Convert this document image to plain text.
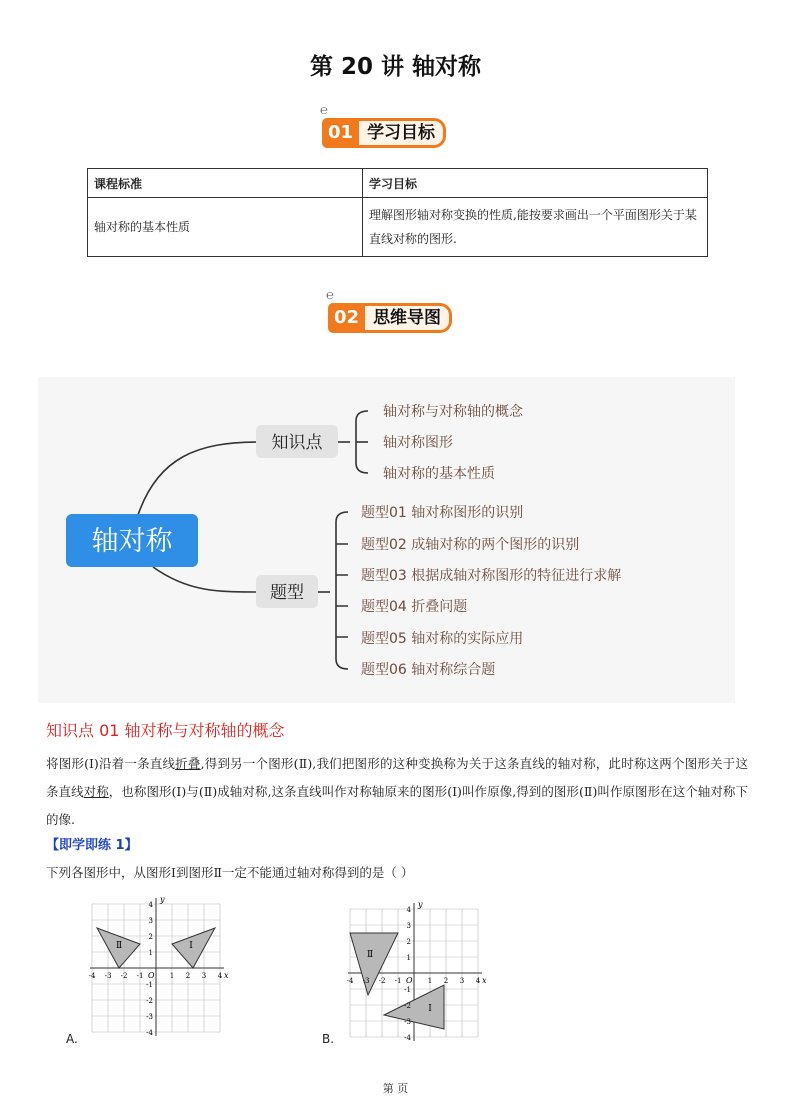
第 20 讲 轴对称
℮
01 学习目标
课程标准	学习目标
轴对称的基本性质	理解图形轴对称变换的性质,能按要求画出一个平面图形关于某直线对称的图形.
℮
02 思维导图
轴对称
知识点
轴对称与对称轴的概念
轴对称图形
轴对称的基本性质
题型
题型01 轴对称图形的识别
题型02 成轴对称的两个图形的识别
题型03 根据成轴对称图形的特征进行求解
题型04 折叠问题
题型05 轴对称的实际应用
题型06 轴对称综合题
知识点 01 轴对称与对称轴的概念
将图形(I)沿着一条直线折叠,得到另一个图形(Ⅱ),我们把图形的这种变换称为关于这条直线的轴对称，此时称这两个图形关于这条直线对称，也称图形(I)与(Ⅱ)成轴对称,这条直线叫作对称轴原来的图形(I)叫作原像,得到的图形(Ⅱ)叫作原图形在这个轴对称下的像.
【即学即练 1】
下列各图形中，从图形Ⅰ到图形Ⅱ一定不能通过轴对称得到的是（ ）
Ⅱ	Ⅰ
x
y
O
-4 -3 -2 -1	1 2 3 4
4
3
2
1
-1
-2
-3
-4
A.
Ⅱ
Ⅰ
x
y
O
-4 -3 -2 -1	1 2 3 4
4
3
2
1
-1
-2
-3
-4
B.
第 页
